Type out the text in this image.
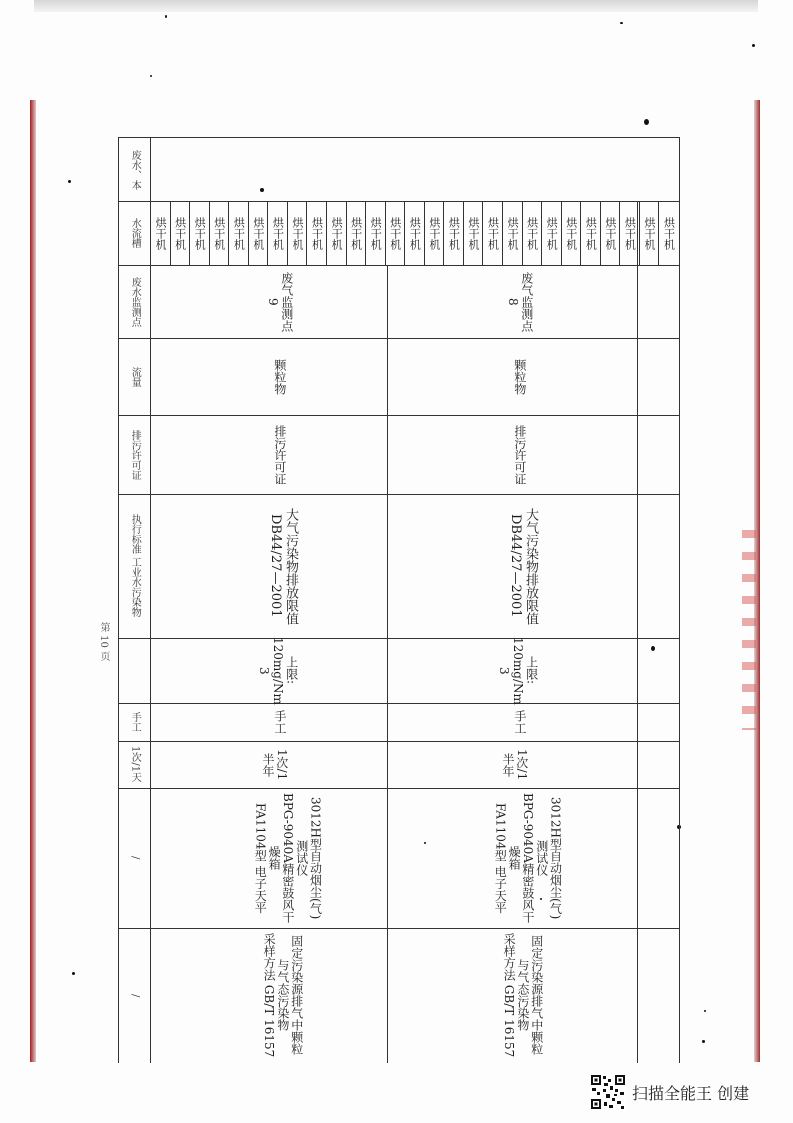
第 10 页
废水、本
水流槽
废水监测点
流量
排污许可证
执行标准 工业水污染物
手工
1次/1天
/
/
烘干机 烘干机 烘干机 烘干机 烘干机 烘干机 烘干机 烘干机 烘干机 烘干机 烘干机 烘干机 烘干机 烘干机 烘干机 烘干机 烘干机 烘干机 烘干机 烘干机 烘干机 烘干机 烘干机 烘干机 烘干机 烘干机 烘干机
废气监测点
9
颗粒物
排污许可证
大气污染物排放限值
DB44/27—2001
上限:
120mg/Nm
3
手工
1次/1
半年
3012H型自动烟尘(气)
测试仪
BPG-9040A精密鼓风干
燥箱
FA1104型 电子天平
固定污染源排气中颗粒
与气态污染物
采样方法 GB/T 16157
废气监测点
8
颗粒物
排污许可证
大气污染物排放限值
DB44/27—2001
上限:
120mg/Nm
3
手工
1次/1
半年
3012H型自动烟尘(气)
测试仪
BPG-9040A精密鼓风干
燥箱
FA1104型 电子天平
固定污染源排气中颗粒
与气态污染物
采样方法 GB/T 16157
扫描全能王 创建
